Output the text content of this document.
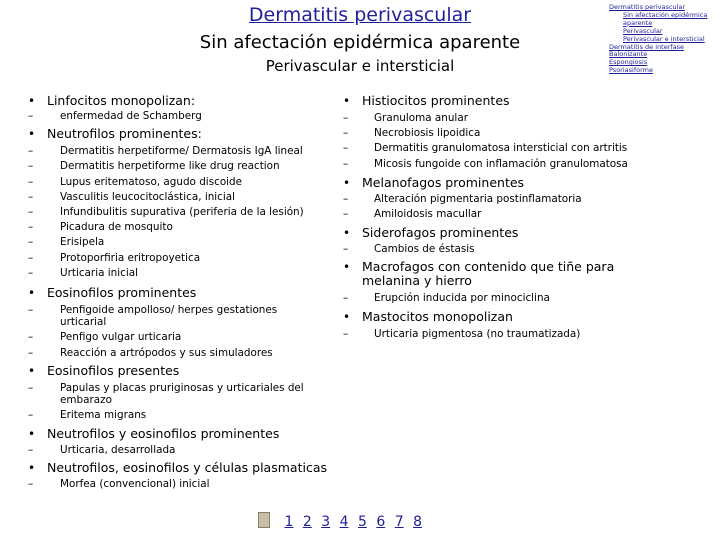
Dermatitis perivascular
Sin afectación epidérmica aparente
Perivascular e intersticial
Dermatitis perivascular
Sin afectación epidérmica aparente
Perivascular
Perivascular e intersticial
Dermatitis de interfase
Balonizante
Espongiosis
Psoriasiforme
• Linfocitos monopolizan:
–	enfermedad de Schamberg
• Neutrofilos prominentes:
–	Dermatitis herpetiforme/ Dermatosis IgA lineal
–	Dermatitis herpetiforme like drug reaction
–	Lupus eritematoso, agudo discoide
–	Vasculitis leucocitoclástica, inicial
–	Infundibulitis supurativa (periferia de la lesión)
–	Picadura de mosquito
–	Erisipela
–	Protoporfiria eritropoyetica
–	Urticaria inicial
• Eosinofilos prominentes
–	Penfigoide ampolloso/ herpes gestationes urticarial
–	Penfigo vulgar urticaria
–	Reacción a artrópodos y sus simuladores
• Eosinofilos presentes
–	Papulas y placas pruriginosas y urticariales del embarazo
–	Eritema migrans
• Neutrofilos y eosinofilos prominentes
–	Urticaria, desarrollada
• Neutrofilos, eosinofilos y células plasmaticas
–	Morfea (convencional) inicial
• Histiocitos prominentes
– Granuloma anular
– Necrobiosis lipoidica
– Dermatitis granulomatosa intersticial con artritis
– Micosis fungoide con inflamación granulomatosa
• Melanofagos prominentes
– Alteración pigmentaria postinflamatoria
– Amiloidosis macullar
• Siderofagos prominentes
– Cambios de éstasis
• Macrofagos con contenido que tiñe para melanina y hierro
– Erupción inducida por minociclina
• Mastocitos monopolizan
– Urticaria pigmentosa (no traumatizada)
1 2 3 4 5 6 7 8
